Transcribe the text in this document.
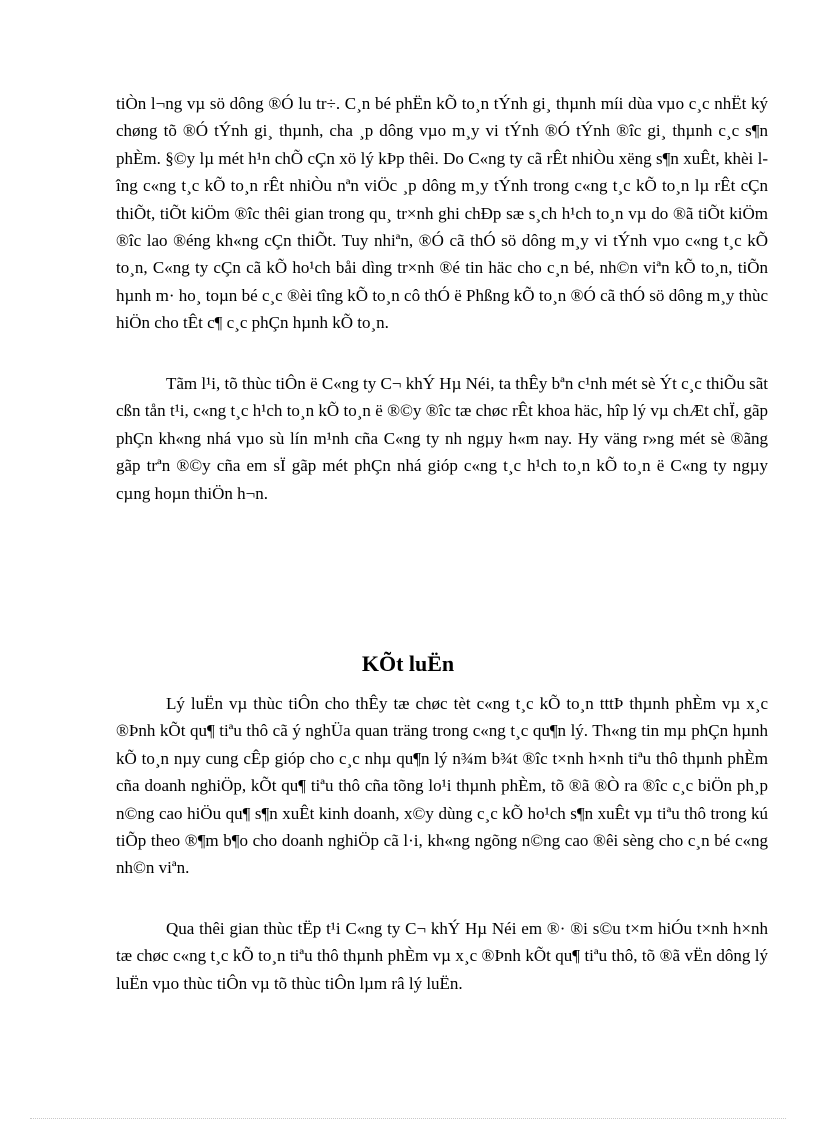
tiÒn l¬ng vµ sö dông ®Ó lu tr÷. C¸n bé phËn kÕ to¸n tÝnh gi¸ thµnh míi dùa vµo c¸c nhËt ký chøng tõ ®Ó tÝnh gi¸ thµnh, cha ¸p dông vµo m¸y vi tÝnh ®Ó tÝnh ®îc gi¸ thµnh c¸c s¶n phÈm. §©y lµ mét h¹n chÕ cÇn xö lý kÞp thêi. Do C«ng ty cã rÊt nhiÒu xëng s¶n xuÊt, khèi lîng c«ng t¸c kÕ to¸n rÊt nhiÒu nªn viÖc ¸p dông m¸y tÝnh trong c«ng t¸c kÕ to¸n lµ rÊt cÇn thiÕt, tiÕt kiÖm ®îc thêi gian trong qu¸ tr×nh ghi chÐp sæ s¸ch h¹ch to¸n vµ do ®ã tiÕt kiÖm ®îc lao ®éng kh«ng cÇn thiÕt. Tuy nhiªn, ®Ó cã thÓ sö dông m¸y vi tÝnh vµo c«ng t¸c kÕ to¸n, C«ng ty cÇn cã kÕ ho¹ch båi dìng tr×nh ®é tin häc cho c¸n bé, nh©n viªn kÕ to¸n, tiÕn hµnh m· ho¸ toµn bé c¸c ®èi tîng kÕ to¸n cô thÓ ë Phßng kÕ to¸n ®Ó cã thÓ sö dông m¸y thùc hiÖn cho tÊt c¶ c¸c phÇn hµnh kÕ to¸n.

Tãm l¹i, tõ thùc tiÔn ë C«ng ty C¬ khÝ Hµ Néi, ta thÊy bªn c¹nh mét sè Ýt c¸c thiÕu sãt cßn tån t¹i, c«ng t¸c h¹ch to¸n kÕ to¸n ë ®©y ®îc tæ chøc rÊt khoa häc, hîp lý vµ chÆt chÏ, gãp phÇn kh«ng nhá vµo sù lín m¹nh cña C«ng ty nh ngµy h«m nay. Hy väng r»ng mét sè ®ãng gãp trªn ®©y cña em sÏ gãp mét phÇn nhá gióp c«ng t¸c h¹ch to¸n kÕ to¸n ë C«ng ty ngµy cµng hoµn thiÖn h¬n.

KÕt luËn

Lý luËn vµ thùc tiÔn cho thÊy tæ chøc tèt c«ng t¸c kÕ to¸n tttÞ thµnh phÈm vµ x¸c ®Þnh kÕt qu¶ tiªu thô cã ý nghÜa quan träng trong c«ng t¸c qu¶n lý. Th«ng tin mµ phÇn hµnh kÕ to¸n nµy cung cÊp gióp cho c¸c nhµ qu¶n lý n¾m b¾t ®îc t×nh h×nh tiªu thô thµnh phÈm cña doanh nghiÖp, kÕt qu¶ tiªu thô cña tõng lo¹i thµnh phÈm, tõ ®ã ®Ò ra ®îc c¸c biÖn ph¸p n©ng cao hiÖu qu¶ s¶n xuÊt kinh doanh, x©y dùng c¸c kÕ ho¹ch s¶n xuÊt vµ tiªu thô trong kú tiÕp theo ®¶m b¶o cho doanh nghiÖp cã l·i, kh«ng ngõng n©ng cao ®êi sèng cho c¸n bé c«ng nh©n viªn.

Qua thêi gian thùc tËp t¹i C«ng ty C¬ khÝ Hµ Néi em ®· ®i s©u t×m hiÓu t×nh h×nh tæ chøc c«ng t¸c kÕ to¸n tiªu thô thµnh phÈm vµ x¸c ®Þnh kÕt qu¶ tiªu thô, tõ ®ã vËn dông lý luËn vµo thùc tiÔn vµ tõ thùc tiÔn lµm râ lý luËn.
